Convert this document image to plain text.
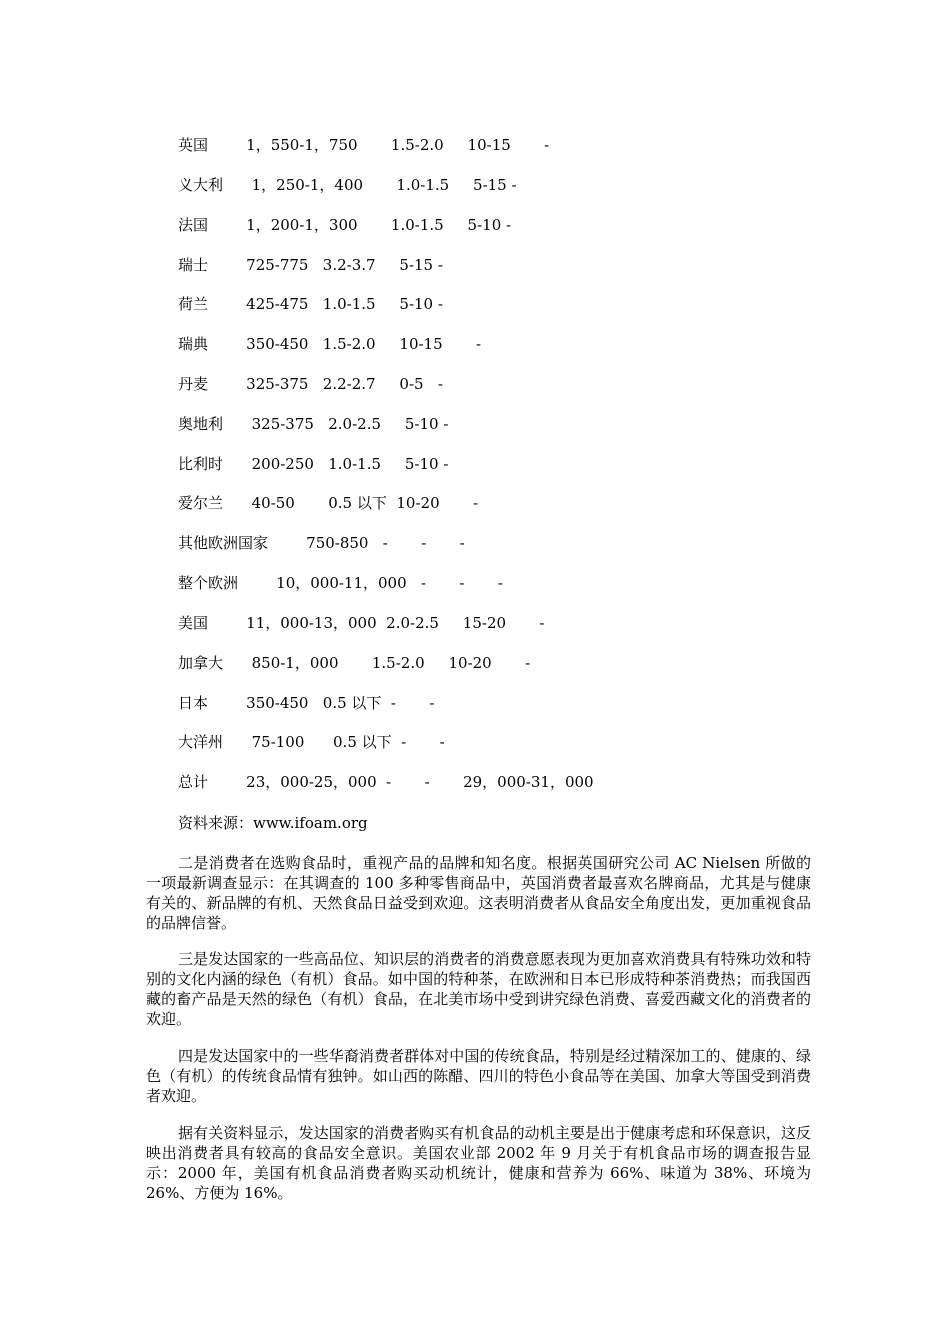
英国        1，550-1，750       1.5-2.0     10-15       -
义大利      1，250-1，400       1.0-1.5     5-15 -
法国        1，200-1，300       1.0-1.5     5-10 -
瑞士        725-775   3.2-3.7     5-15 -
荷兰        425-475   1.0-1.5     5-10 -
瑞典        350-450   1.5-2.0     10-15       -
丹麦        325-375   2.2-2.7     0-5   -
奥地利      325-375   2.0-2.5     5-10 -
比利时      200-250   1.0-1.5     5-10 -
爱尔兰      40-50       0.5 以下  10-20       -
其他欧洲国家        750-850   -       -       -
整个欧洲        10，000-11，000   -       -       -
美国        11，000-13，000  2.0-2.5     15-20       -
加拿大      850-1，000       1.5-2.0     10-20       -
日本        350-450   0.5 以下  -       -
大洋州      75-100      0.5 以下  -       -
总计        23，000-25，000  -       -       29，000-31，000
资料来源：www.ifoam.org

二是消费者在选购食品时，重视产品的品牌和知名度。根据英国研究公司 AC Nielsen 所做的一项最新调查显示：在其调查的 100 多种零售商品中，英国消费者最喜欢名牌商品，尤其是与健康有关的、新品牌的有机、天然食品日益受到欢迎。这表明消费者从食品安全角度出发，更加重视食品的品牌信誉。

三是发达国家的一些高品位、知识层的消费者的消费意愿表现为更加喜欢消费具有特殊功效和特别的文化内涵的绿色（有机）食品。如中国的特种茶，在欧洲和日本已形成特种茶消费热；而我国西藏的畜产品是天然的绿色（有机）食品，在北美市场中受到讲究绿色消费、喜爱西藏文化的消费者的欢迎。

四是发达国家中的一些华裔消费者群体对中国的传统食品，特别是经过精深加工的、健康的、绿色（有机）的传统食品情有独钟。如山西的陈醋、四川的特色小食品等在美国、加拿大等国受到消费者欢迎。

据有关资料显示，发达国家的消费者购买有机食品的动机主要是出于健康考虑和环保意识，这反映出消费者具有较高的食品安全意识。美国农业部 2002 年 9 月关于有机食品市场的调查报告显示：2000 年，美国有机食品消费者购买动机统计，健康和营养为 66%、味道为 38%、环境为 26%、方便为 16%。
